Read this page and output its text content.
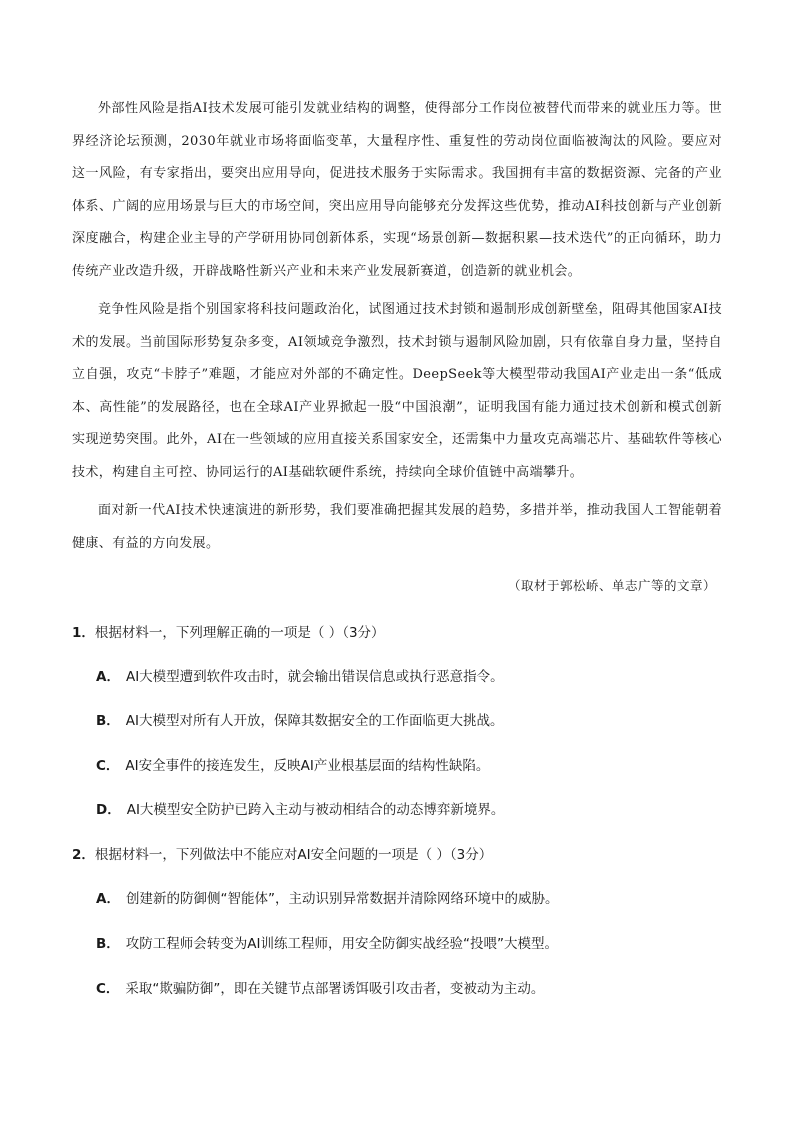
外部性风险是指AI技术发展可能引发就业结构的调整，使得部分工作岗位被替代而带来的就业压力等。世界经济论坛预测，2030年就业市场将面临变革，大量程序性、重复性的劳动岗位面临被淘汰的风险。要应对这一风险，有专家指出，要突出应用导向，促进技术服务于实际需求。我国拥有丰富的数据资源、完备的产业体系、广阔的应用场景与巨大的市场空间，突出应用导向能够充分发挥这些优势，推动AI科技创新与产业创新深度融合，构建企业主导的产学研用协同创新体系，实现“场景创新—数据积累—技术迭代”的正向循环，助力传统产业改造升级，开辟战略性新兴产业和未来产业发展新赛道，创造新的就业机会。

竞争性风险是指个别国家将科技问题政治化，试图通过技术封锁和遏制形成创新壁垒，阻碍其他国家AI技术的发展。当前国际形势复杂多变，AI领域竞争激烈，技术封锁与遏制风险加剧，只有依靠自身力量，坚持自立自强，攻克“卡脖子”难题，才能应对外部的不确定性。DeepSeek等大模型带动我国AI产业走出一条“低成本、高性能”的发展路径，也在全球AI产业界掀起一股“中国浪潮”，证明我国有能力通过技术创新和模式创新实现逆势突围。此外，AI在一些领域的应用直接关系国家安全，还需集中力量攻克高端芯片、基础软件等核心技术，构建自主可控、协同运行的AI基础软硬件系统，持续向全球价值链中高端攀升。

面对新一代AI技术快速演进的新形势，我们要准确把握其发展的趋势，多措并举，推动我国人工智能朝着健康、有益的方向发展。

（取材于郭松峤、单志广等的文章）

1．根据材料一，下列理解正确的一项是（ ）（3分）

A． AI大模型遭到软件攻击时，就会输出错误信息或执行恶意指令。

B． AI大模型对所有人开放，保障其数据安全的工作面临更大挑战。

C． AI安全事件的接连发生，反映AI产业根基层面的结构性缺陷。

D． AI大模型安全防护已跨入主动与被动相结合的动态博弈新境界。

2．根据材料一，下列做法中不能应对AI安全问题的一项是（ ）（3分）

A． 创建新的防御侧“智能体”，主动识别异常数据并清除网络环境中的威胁。

B． 攻防工程师会转变为AI训练工程师，用安全防御实战经验“投喂”大模型。

C． 采取“欺骗防御”，即在关键节点部署诱饵吸引攻击者，变被动为主动。
